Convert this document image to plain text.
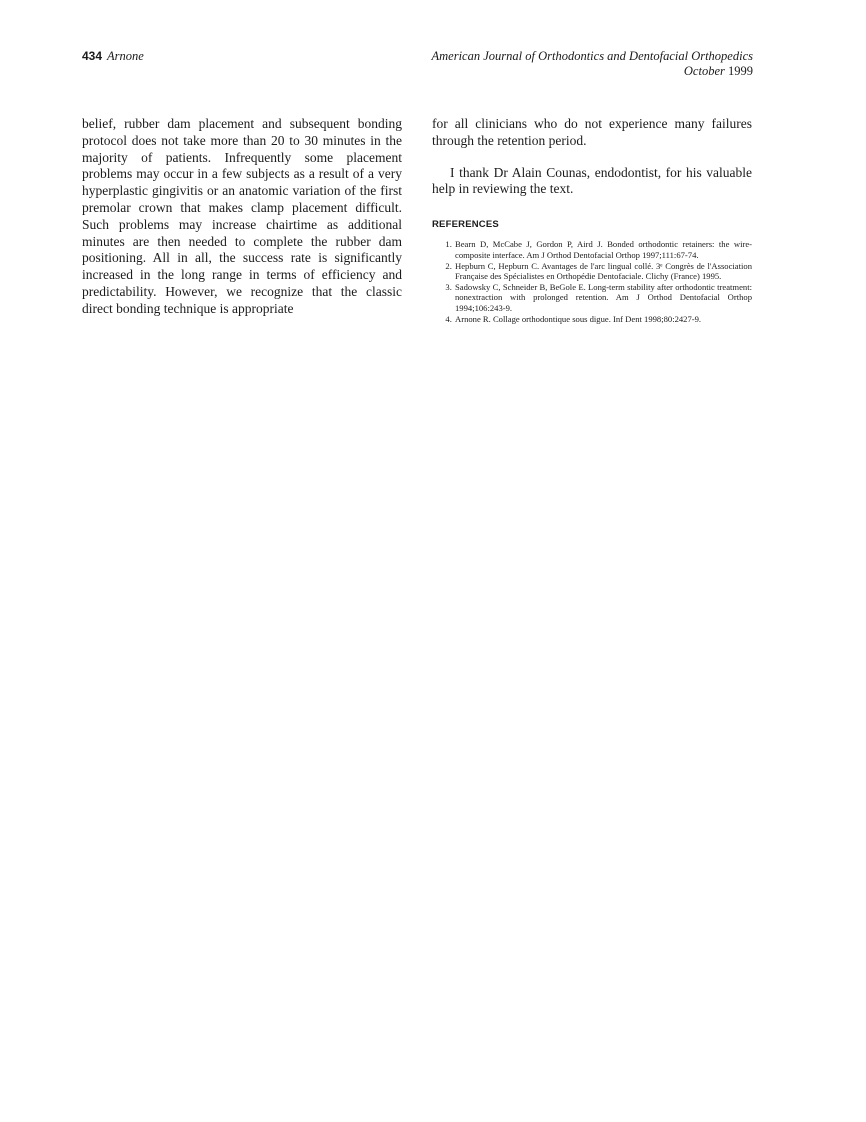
434 Arnone	American Journal of Orthodontics and Dentofacial Orthopedics
October 1999

belief, rubber dam placement and subsequent bonding protocol does not take more than 20 to 30 minutes in the majority of patients. Infrequently some placement problems may occur in a few subjects as a result of a very hyperplastic gingivitis or an anatomic variation of the first premolar crown that makes clamp placement difficult. Such problems may increase chairtime as additional minutes are then needed to complete the rubber dam positioning. All in all, the success rate is significantly increased in the long range in terms of efficiency and predictability. However, we recognize that the classic direct bonding technique is appropriate

for all clinicians who do not experience many failures through the retention period.

I thank Dr Alain Counas, endodontist, for his valuable help in reviewing the text.

REFERENCES
1. Bearn D, McCabe J, Gordon P, Aird J. Bonded orthodontic retainers: the wire-composite interface. Am J Orthod Dentofacial Orthop 1997;111:67-74.
2. Hepburn C, Hepburn C. Avantages de l'arc lingual collé. 3ᵉ Congrès de l'Association Française des Spécialistes en Orthopédie Dentofaciale. Clichy (France) 1995.
3. Sadowsky C, Schneider B, BeGole E. Long-term stability after orthodontic treatment: nonextraction with prolonged retention. Am J Orthod Dentofacial Orthop 1994;106:243-9.
4. Arnone R. Collage orthodontique sous digue. Inf Dent 1998;80:2427-9.
